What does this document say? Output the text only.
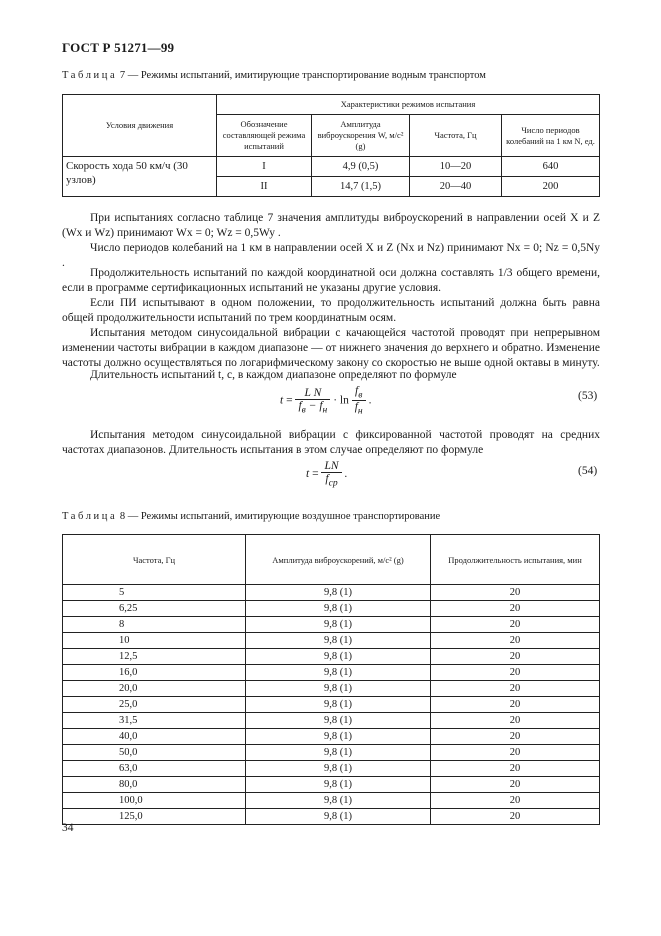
ГОСТ Р 51271—99
Таблица 7 — Режимы испытаний, имитирующие транспортирование водным транспортом
Условия движения	Характеристики режимов испытания			
	Обозначение составляющей режима испытаний	Амплитуда виброускорения W, м/с² (g)	Частота, Гц	Число периодов колебаний на 1 км N, ед.
Скорость хода 50 км/ч (30 узлов)	I	4,9 (0,5)	10—20	640
	II	14,7 (1,5)	20—40	200
При испытаниях согласно таблице 7 значения амплитуды виброускорений в направлении осей X и Z (Wx и Wz) принимают Wx = 0; Wz = 0,5Wy .
Число периодов колебаний на 1 км в направлении осей X и Z (Nx и Nz) принимают Nx = 0; Nz = 0,5Ny .
Продолжительность испытаний по каждой координатной оси должна составлять 1/3 общего времени, если в программе сертификационных испытаний не указаны другие условия.
Если ПИ испытывают в одном положении, то продолжительность испытаний должна быть равна общей продолжительности испытаний по трем координатным осям.
Испытания методом синусоидальной вибрации с качающейся частотой проводят при непрерывном изменении частоты вибрации в каждом диапазоне — от нижнего значения до верхнего и обратно. Изменение частоты должно осуществляться по логарифмическому закону со скоростью не выше одной октавы в минуту.
Длительность испытаний t, с, в каждом диапазоне определяют по формуле
$t = \frac{\text{L N}}{f_в - f_н} \cdot \ln \frac{f_в}{f_н}$ .	(53)
Испытания методом синусоидальной вибрации с фиксированной частотой проводят на средних частотах диапазонов. Длительность испытания в этом случае определяют по формуле
$t = \frac{LN}{f_{ср}}$ .	(54)
Таблица 8 — Режимы испытаний, имитирующие воздушное транспортирование
Частота, Гц	Амплитуда виброускорений, м/с² (g)	Продолжительность испытания, мин
5	9,8 (1)	20
6,25	9,8 (1)	20
8	9,8 (1)	20
10	9,8 (1)	20
12,5	9,8 (1)	20
16,0	9,8 (1)	20
20,0	9,8 (1)	20
25,0	9,8 (1)	20
31,5	9,8 (1)	20
40,0	9,8 (1)	20
50,0	9,8 (1)	20
63,0	9,8 (1)	20
80,0	9,8 (1)	20
100,0	9,8 (1)	20
125,0	9,8 (1)	20
34
